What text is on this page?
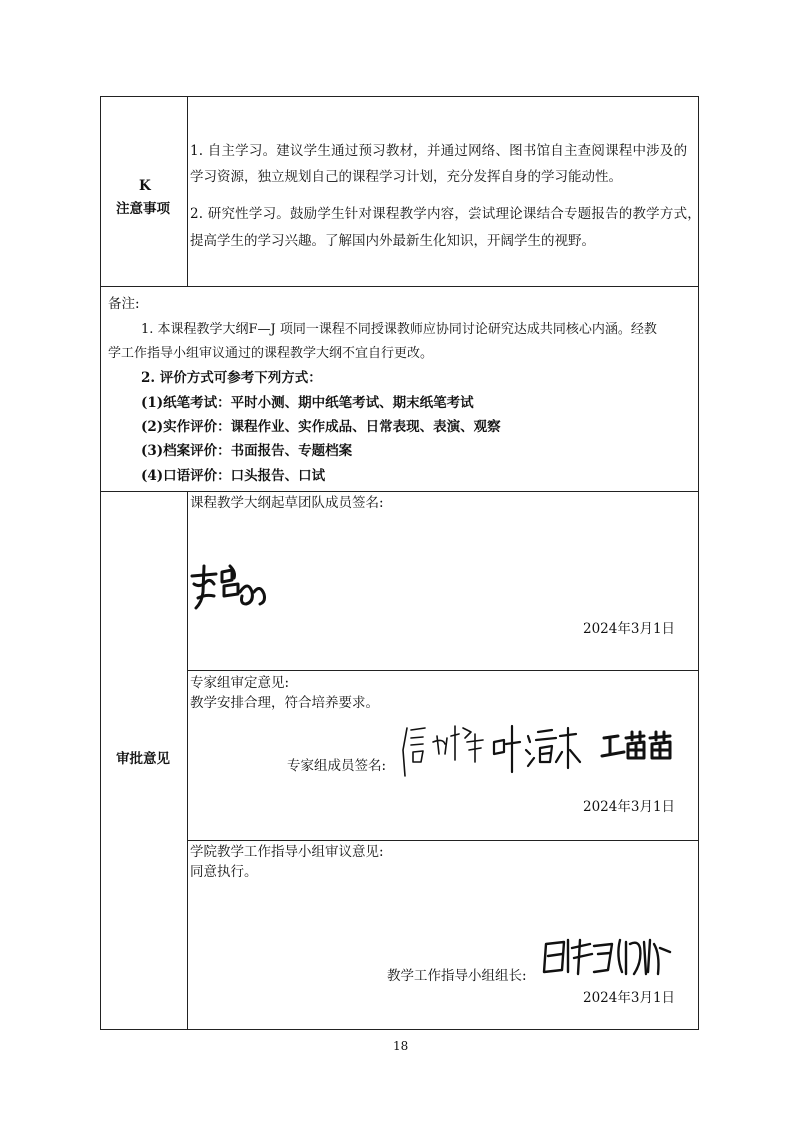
K
注意事项
1. 自主学习。建议学生通过预习教材，并通过网络、图书馆自主查阅课程中涉及的
学习资源，独立规划自己的课程学习计划，充分发挥自身的学习能动性。
2. 研究性学习。鼓励学生针对课程教学内容，尝试理论课结合专题报告的教学方式，
提高学生的学习兴趣。了解国内外最新生化知识，开阔学生的视野。
备注:
1. 本课程教学大纲F—J 项同一课程不同授课教师应协同讨论研究达成共同核心内涵。经教
学工作指导小组审议通过的课程教学大纲不宜自行更改。
2. 评价方式可参考下列方式：
(1)纸笔考试：平时小测、期中纸笔考试、期末纸笔考试
(2)实作评价：课程作业、实作成品、日常表现、表演、观察
(3)档案评价：书面报告、专题档案
(4)口语评价：口头报告、口试
审批意见
课程教学大纲起草团队成员签名:
2024年3月1日
专家组审定意见:
教学安排合理，符合培养要求。
专家组成员签名:
2024年3月1日
学院教学工作指导小组审议意见:
同意执行。
教学工作指导小组组长:
2024年3月1日
18
